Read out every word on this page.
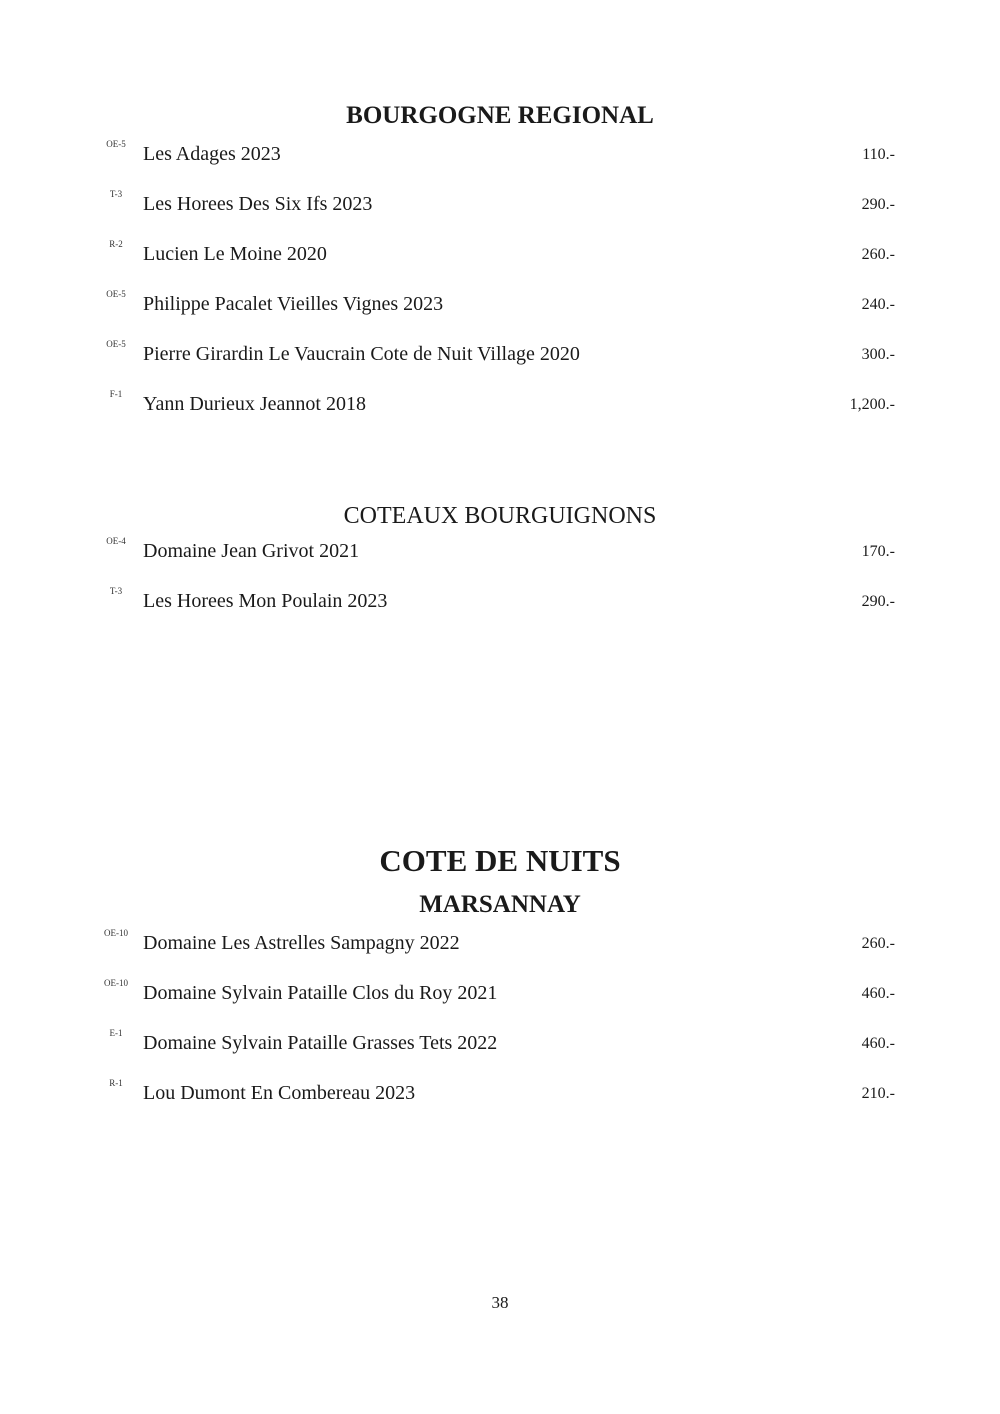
BOURGOGNE REGIONAL
OE-5 Les Adages 2023	110.-
T-3	Les Horees Des Six Ifs 2023	290.-
R-2	Lucien Le Moine 2020	260.-
OE-5 Philippe Pacalet Vieilles Vignes 2023	240.-
OE-5 Pierre Girardin Le Vaucrain Cote de Nuit Village 2020	300.-
F-1	Yann Durieux Jeannot 2018	1,200.-
COTEAUX BOURGUIGNONS
OE-4 Domaine Jean Grivot 2021	170.-
T-3	Les Horees Mon Poulain 2023	290.-
COTE DE NUITS
MARSANNAY
OE-10 Domaine Les Astrelles Sampagny 2022	260.-
OE-10 Domaine Sylvain Pataille Clos du Roy 2021	460.-
E-1	Domaine Sylvain Pataille Grasses Tets 2022	460.-
R-1	Lou Dumont En Combereau 2023	210.-
38
